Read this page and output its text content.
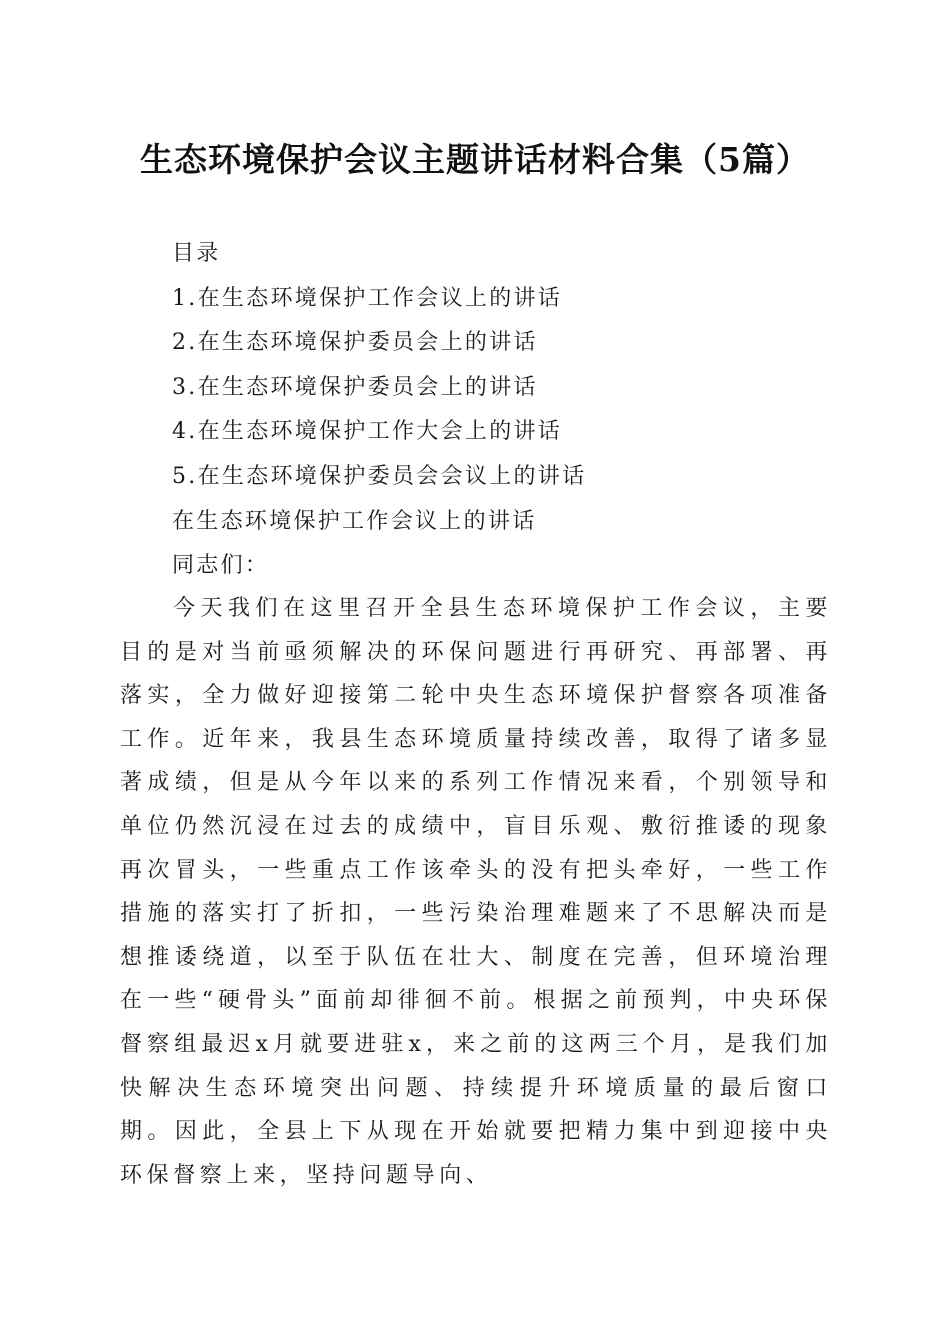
生态环境保护会议主题讲话材料合集（5篇）
目录
1.在生态环境保护工作会议上的讲话
2.在生态环境保护委员会上的讲话
3.在生态环境保护委员会上的讲话
4.在生态环境保护工作大会上的讲话
5.在生态环境保护委员会会议上的讲话
在生态环境保护工作会议上的讲话
同志们：

今天我们在这里召开全县生态环境保护工作会议，主要目的是对当前亟须解决的环保问题进行再研究、再部署、再落实，全力做好迎接第二轮中央生态环境保护督察各项准备工作。近年来，我县生态环境质量持续改善，取得了诸多显著成绩，但是从今年以来的系列工作情况来看，个别领导和单位仍然沉浸在过去的成绩中，盲目乐观、敷衍推诿的现象再次冒头，一些重点工作该牵头的没有把头牵好，一些工作措施的落实打了折扣，一些污染治理难题来了不思解决而是想推诿绕道，以至于队伍在壮大、制度在完善，但环境治理在一些“硬骨头”面前却徘徊不前。根据之前预判，中央环保督察组最迟x月就要进驻x，来之前的这两三个月，是我们加快解决生态环境突出问题、持续提升环境质量的最后窗口期。因此，全县上下从现在开始就要把精力集中到迎接中央环保督察上来，坚持问题导向、
